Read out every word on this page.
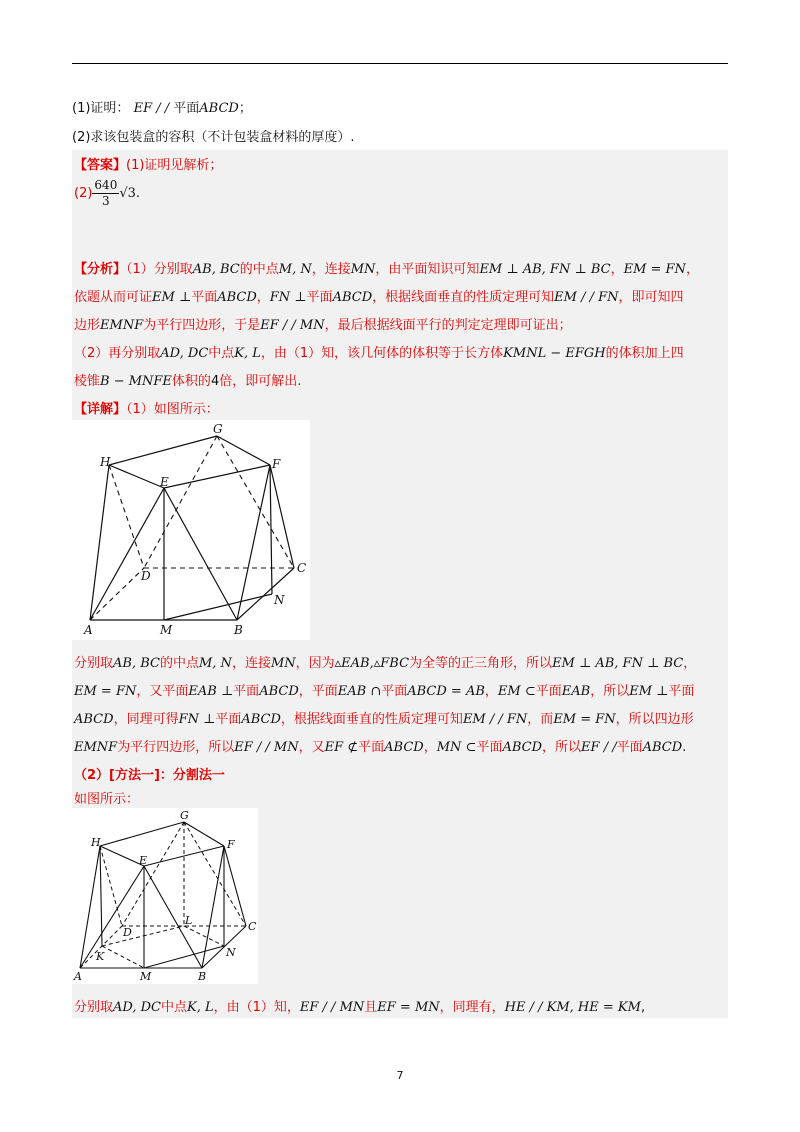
(1)证明： EF / / 平面ABCD；
(2)求该包装盒的容积（不计包装盒材料的厚度）.
【答案】(1)证明见解析；
$(2) \frac{640}{3} √3$.
【分析】（1）分别取AB, BC的中点M, N，连接MN，由平面知识可知EM ⊥ AB, FN ⊥ BC，EM = FN，
依题从而可证EM ⊥平面ABCD，FN ⊥平面ABCD，根据线面垂直的性质定理可知EM / / FN，即可知四
边形EMNF为平行四边形，于是EF / / MN，最后根据线面平行的判定定理即可证出；
（2）再分别取AD, DC中点K, L，由（1）知，该几何体的体积等于长方体KMNL − EFGH的体积加上四
棱锥B − MNFE体积的4倍，即可解出.
【详解】（1）如图所示：
G
H	F
E
D
C
N
A	M	B
分别取AB, BC的中点M, N，连接MN，因为▵EAB,▵FBC为全等的正三角形，所以EM ⊥ AB, FN ⊥ BC，
EM = FN，又平面EAB ⊥平面ABCD，平面EAB ∩平面ABCD = AB，EM ⊂平面EAB，所以EM ⊥平面
ABCD，同理可得FN ⊥平面ABCD，根据线面垂直的性质定理可知EM / / FN，而EM = FN，所以四边形
EMNF为平行四边形，所以EF / / MN，又EF ⊄平面ABCD，MN ⊂平面ABCD，所以EF / /平面ABCD.
（2）[方法一]：分割法一
如图所示：
G
H	F
E
D	C
N
A	M	B
L
K
分别取AD, DC中点K, L，由（1）知，EF / / MN且EF = MN，同理有，HE / / KM, HE = KM,
7
